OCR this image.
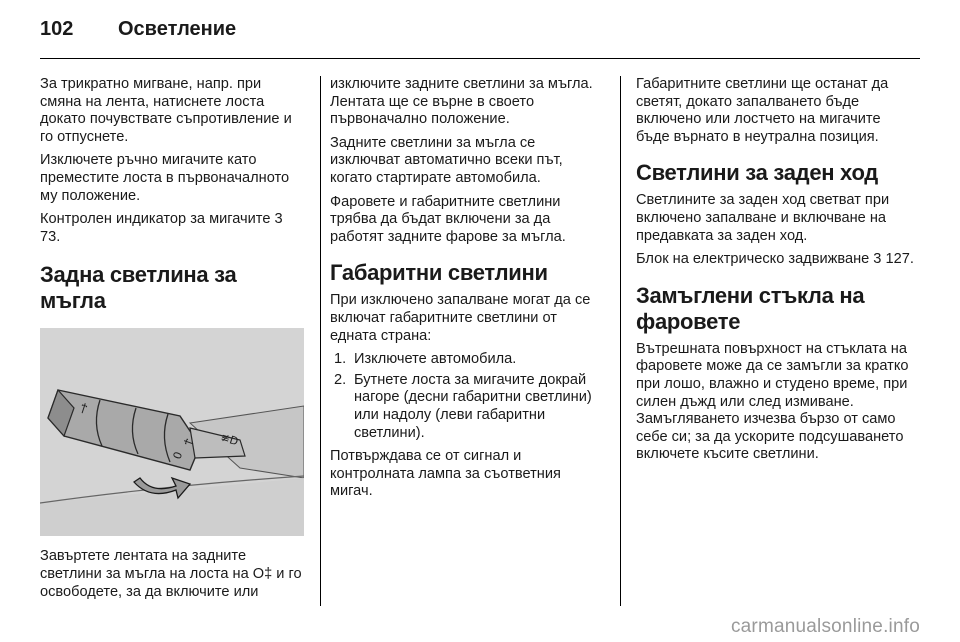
102 Осветление

За трикратно мигване, напр. при смяна на лента, натиснете лоста докато почувствате съпротивление и го отпуснете.

Изключете ръчно мигачите като преместите лоста в първоначалното му положение.

Контролен индикатор за мигачите 3 73.

Задна светлина за мъгла
ϯ
≢D
0
Ϯ

Завъртете лентата на задните светлини за мъгла на лоста на O‡ и го освободете, за да включите или

изключите задните светлини за мъгла. Лентата ще се върне в своето първоначално положение.

Задните светлини за мъгла се изключват автоматично всеки път, когато стартирате автомобила.

Фаровете и габаритните светлини трябва да бъдат включени за да работят задните фарове за мъгла.

Габаритни светлини

При изключено запалване могат да се включат габаритните светлини от едната страна:

1. Изключете автомобила.
2. Бутнете лоста за мигачите докрай нагоре (десни габаритни светлини) или надолу (леви габаритни светлини).

Потвърждава се от сигнал и контролната лампа за съответния мигач.

Габаритните светлини ще останат да светят, докато запалването бъде включено или лостчето на мигачите бъде върнато в неутрална позиция.

Светлини за заден ход

Светлините за заден ход светват при включено запалване и включване на предавката за заден ход.

Блок на електрическо задвижване 3 127.

Замъглени стъкла на фаровете

Вътрешната повърхност на стъклата на фаровете може да се замъгли за кратко при лошо, влажно и студено време, при силен дъжд или след измиване. Замъгляването изчезва бързо от само себе си; за да ускорите подсушаването включете късите светлини.

carmanualsonline.info
